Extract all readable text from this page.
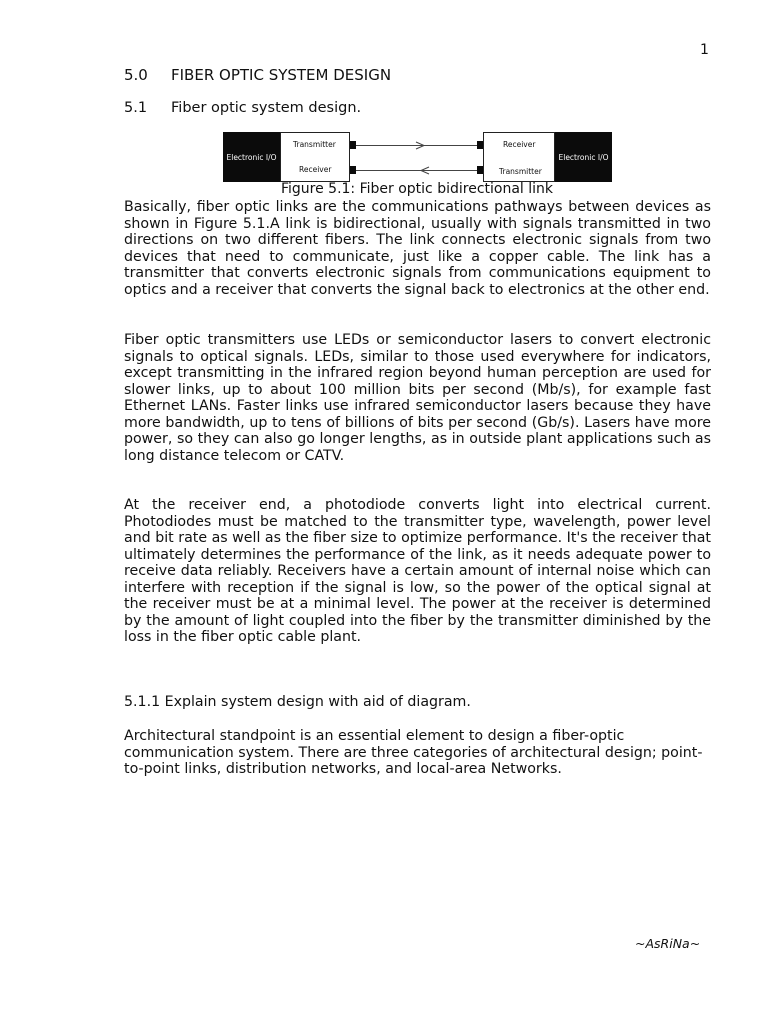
1
5.0 FIBER OPTIC SYSTEM DESIGN
5.1 Fiber optic system design.
Electronic I/O
Transmitter
Receiver
Receiver
Transmitter
Electronic I/O
Figure 5.1: Fiber optic bidirectional link

Basically, fiber optic links are the communications pathways between devices as shown in Figure 5.1.A link is bidirectional, usually with signals transmitted in two directions on two different fibers. The link connects electronic signals from two devices that need to communicate, just like a copper cable. The link has a transmitter that converts electronic signals from communications equipment to optics and a receiver that converts the signal back to electronics at the other end.

Fiber optic transmitters use LEDs or semiconductor lasers to convert electronic signals to optical signals. LEDs, similar to those used everywhere for indicators, except transmitting in the infrared region beyond human perception are used for slower links, up to about 100 million bits per second (Mb/s), for example fast Ethernet LANs. Faster links use infrared semiconductor lasers because they have more bandwidth, up to tens of billions of bits per second (Gb/s). Lasers have more power, so they can also go longer lengths, as in outside plant applications such as long distance telecom or CATV.

At the receiver end, a photodiode converts light into electrical current. Photodiodes must be matched to the transmitter type, wavelength, power level and bit rate as well as the fiber size to optimize performance. It's the receiver that ultimately determines the performance of the link, as it needs adequate power to receive data reliably. Receivers have a certain amount of internal noise which can interfere with reception if the signal is low, so the power of the optical signal at the receiver must be at a minimal level. The power at the receiver is determined by the amount of light coupled into the fiber by the transmitter diminished by the loss in the fiber optic cable plant.

5.1.1 Explain system design with aid of diagram.

Architectural standpoint is an essential element to design a fiber-optic communication system. There are three categories of architectural design; point-to-point links, distribution networks, and local-area Networks.

~AsRiNa~
